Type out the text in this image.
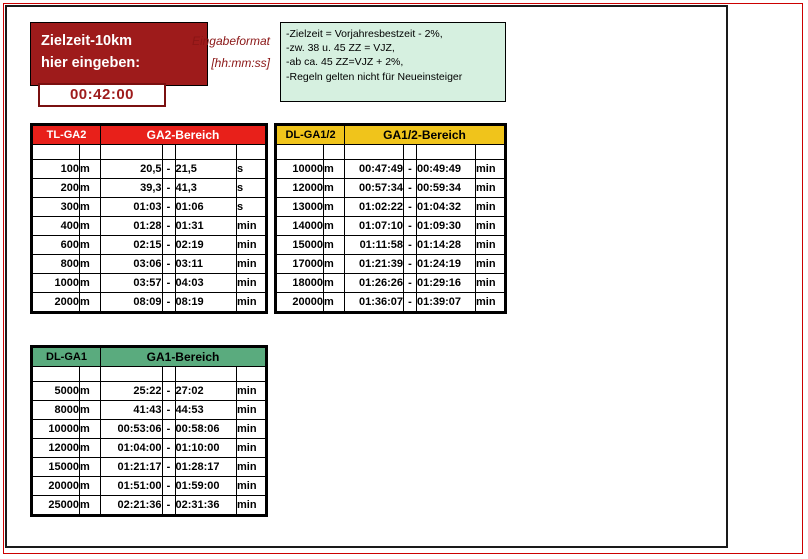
Zielzeit-10km
hier eingeben:
Eingabeformat
[hh:mm:ss]
00:42:00
-Zielzeit = Vorjahresbestzeit - 2%,
-zw. 38 u. 45 ZZ = VJZ,
-ab ca. 45 ZZ=VJZ + 2%,
-Regeln gelten nicht für Neueinsteiger
TL-GA2		GA2-Bereich			

100	m	20,5	-	21,5	s
200	m	39,3	-	41,3	s
300	m	01:03	-	01:06	s
400	m	01:28	-	01:31	min
600	m	02:15	-	02:19	min
800	m	03:06	-	03:11	min
1000	m	03:57	-	04:03	min
2000	m	08:09	-	08:19	min
DL-GA1/2		GA1/2-Bereich			

10000	m	00:47:49	-	00:49:49	min
12000	m	00:57:34	-	00:59:34	min
13000	m	01:02:22	-	01:04:32	min
14000	m	01:07:10	-	01:09:30	min
15000	m	01:11:58	-	01:14:28	min
17000	m	01:21:39	-	01:24:19	min
18000	m	01:26:26	-	01:29:16	min
20000	m	01:36:07	-	01:39:07	min
DL-GA1		GA1-Bereich			

5000	m	25:22	-	27:02	min
8000	m	41:43	-	44:53	min
10000	m	00:53:06	-	00:58:06	min
12000	m	01:04:00	-	01:10:00	min
15000	m	01:21:17	-	01:28:17	min
20000	m	01:51:00	-	01:59:00	min
25000	m	02:21:36	-	02:31:36	min
